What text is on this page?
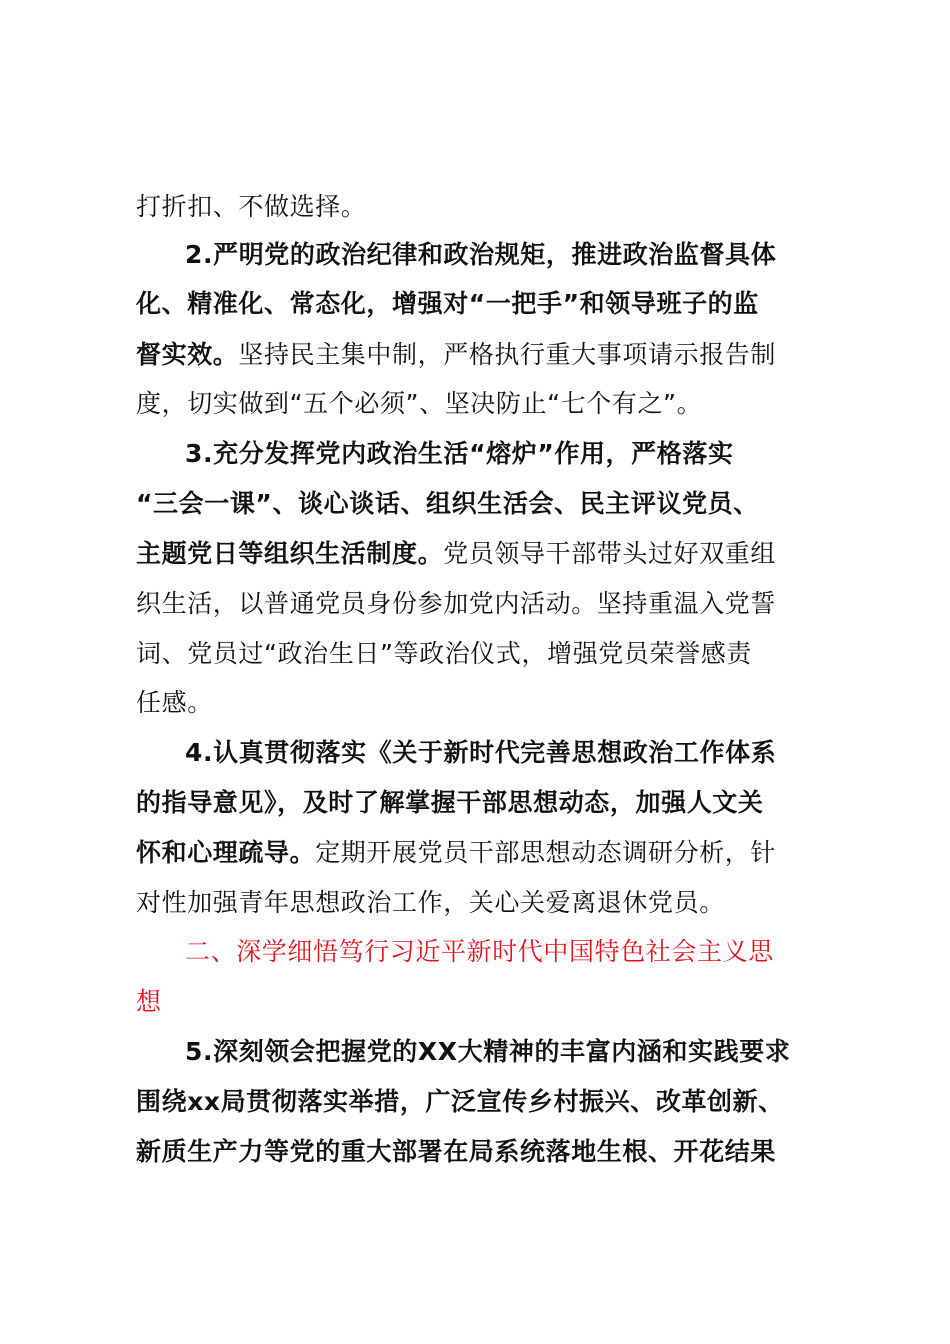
打折扣、不做选择。
2.严明党的政治纪律和政治规矩，推进政治监督具体
化、精准化、常态化，增强对“一把手”和领导班子的监
督实效。坚持民主集中制，严格执行重大事项请示报告制
度，切实做到“五个必须”、坚决防止“七个有之”。
3.充分发挥党内政治生活“熔炉”作用，严格落实
“三会一课”、谈心谈话、组织生活会、民主评议党员、
主题党日等组织生活制度。党员领导干部带头过好双重组
织生活，以普通党员身份参加党内活动。坚持重温入党誓
词、党员过“政治生日”等政治仪式，增强党员荣誉感责
任感。
4.认真贯彻落实《关于新时代完善思想政治工作体系
的指导意见》，及时了解掌握干部思想动态，加强人文关
怀和心理疏导。定期开展党员干部思想动态调研分析，针
对性加强青年思想政治工作，关心关爱离退休党员。
二、深学细悟笃行习近平新时代中国特色社会主义思
想
5.深刻领会把握党的XX大精神的丰富内涵和实践要求
围绕xx局贯彻落实举措，广泛宣传乡村振兴、改革创新、
新质生产力等党的重大部署在局系统落地生根、开花结果
